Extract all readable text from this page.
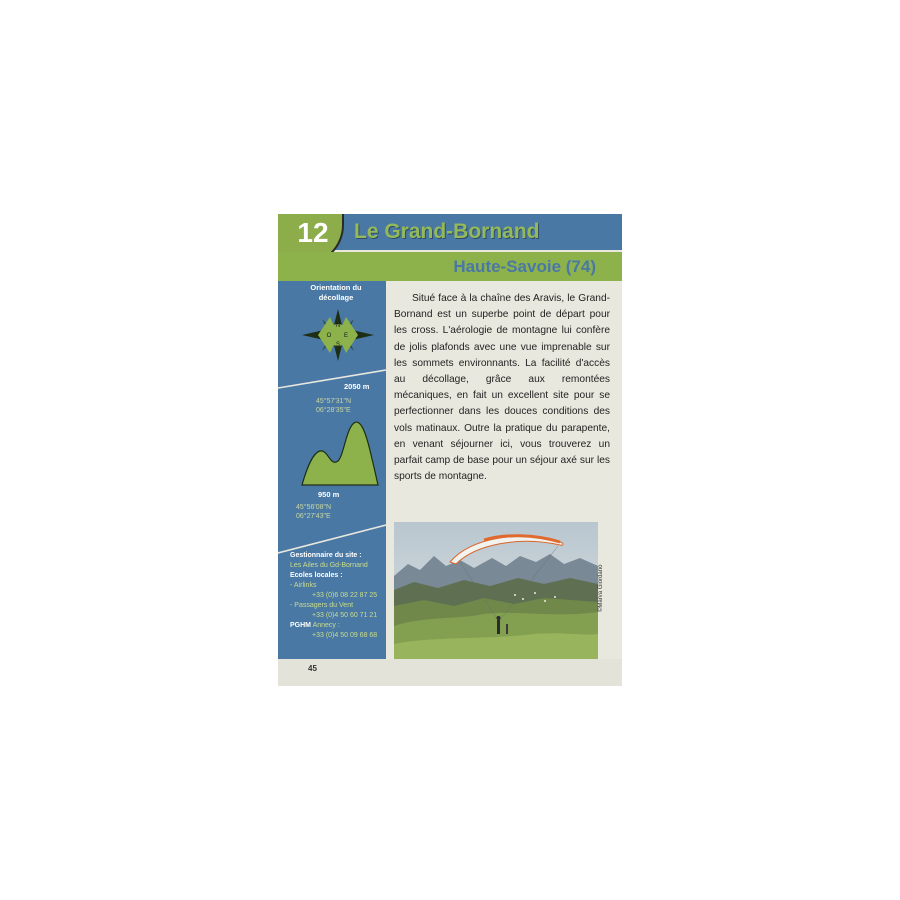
12	Le Grand-Bornand
Haute-Savoie (74)
Orientation du décollage
N
E
S
O
2050 m
45°57'31"N
06°28'35"E
950 m
45°56'08"N
06°27'43"E
Gestionnaire du site :
Les Ailes du Gd-Bornand
Ecoles locales :
- Airlinks
+33 (0)6 08 22 87 25
- Passagers du Vent
+33 (0)4 50 60 71 21
PGHM Annecy :
+33 (0)4 50 09 68 68
Situé face à la chaîne des Aravis, le Grand-Bornand est un superbe point de départ pour les cross. L'aérologie de montagne lui confère de jolis plafonds avec une vue imprenable sur les sommets environnants. La facilité d'accès au décollage, grâce aux remontées mécaniques, en fait un excellent site pour se perfectionner dans les douces conditions des vols matinaux. Outre la pratique du parapente, en venant séjourner ici, vous trouverez un parfait camp de base pour un séjour axé sur les sports de montagne.
©Marva Giordano
45
